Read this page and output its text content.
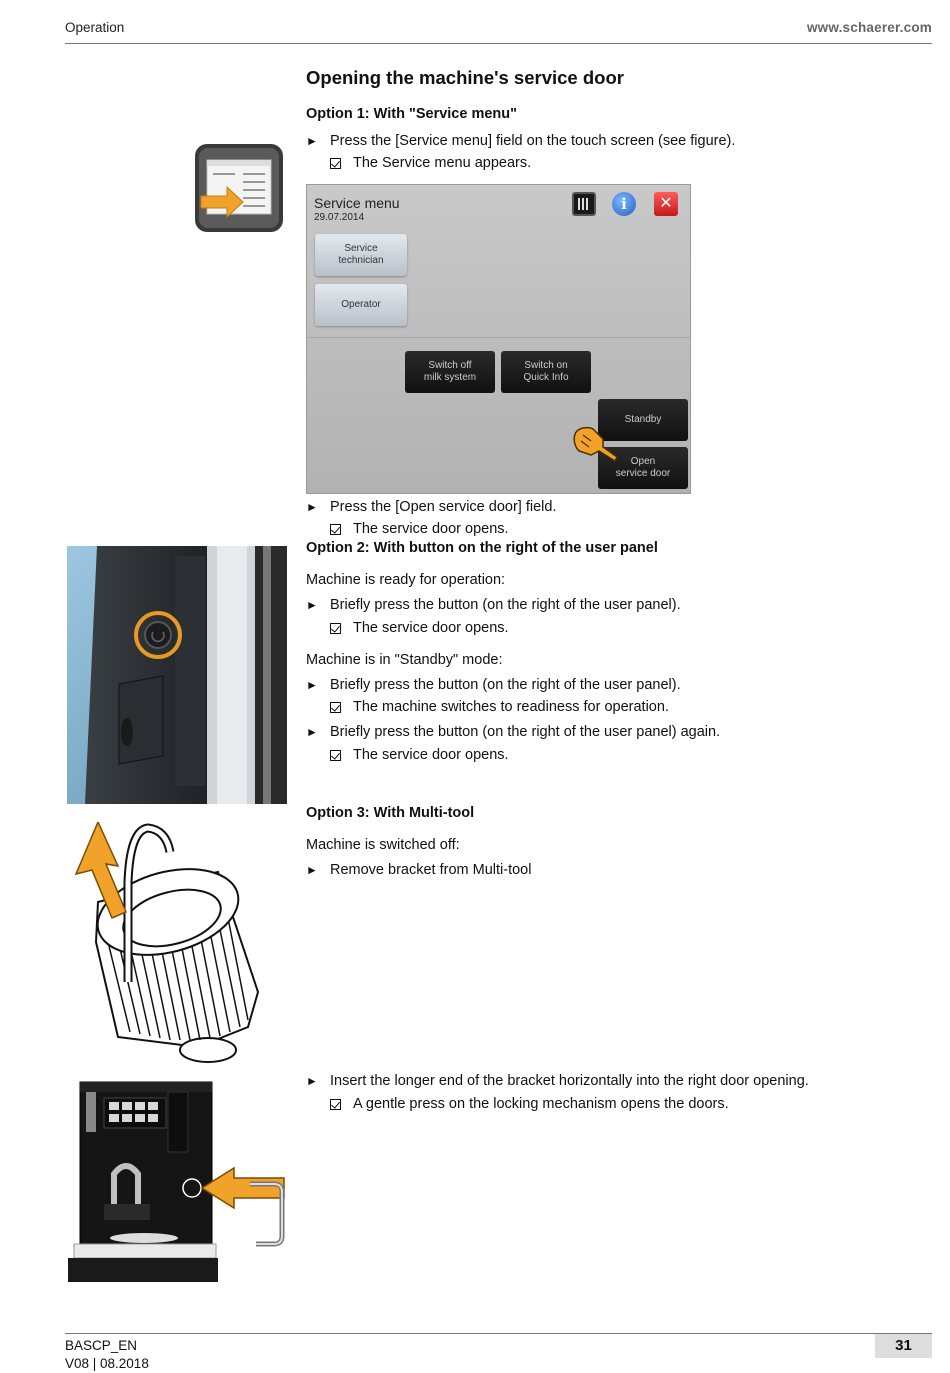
Operation	www.schaerer.com
Opening the machine's service door
Option 1: With "Service menu"
► Press the [Service menu] field on the touch screen (see figure).
The Service menu appears.
Service menu
29.07.2014
i	✕
Service
technician
Operator
Switch off
milk system
Switch on
Quick Info
Standby
Open
service door
► Press the [Open service door] field.
The service door opens.
Option 2: With button on the right of the user panel
Machine is ready for operation:
► Briefly press the button (on the right of the user panel).
The service door opens.
Machine is in "Standby" mode:
► Briefly press the button (on the right of the user panel).
The machine switches to readiness for operation.
► Briefly press the button (on the right of the user panel) again.
The service door opens.
Option 3: With Multi-tool
Machine is switched off:
► Remove bracket from Multi-tool
► Insert the longer end of the bracket horizontally into the right door opening.
A gentle press on the locking mechanism opens the doors.
BASCP_EN
V08 | 08.2018
31
